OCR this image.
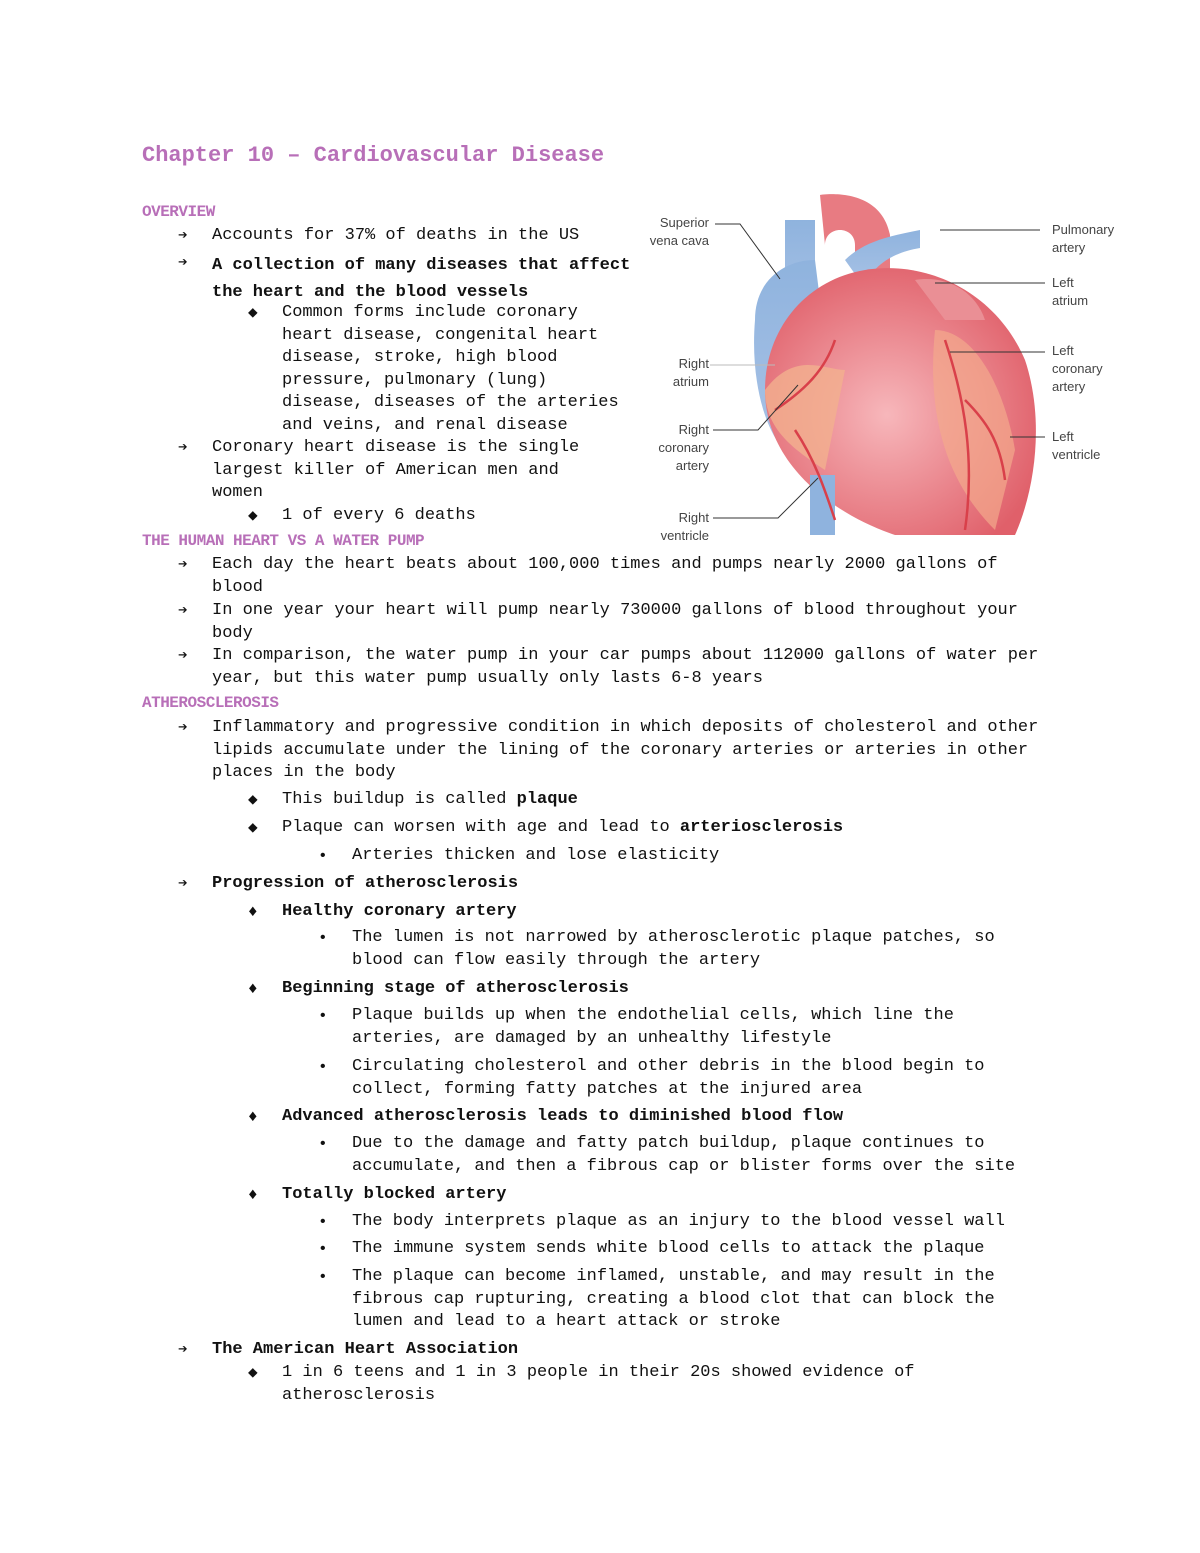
Chapter 10 – Cardiovascular Disease
OVERVIEW
➔ Accounts for 37% of deaths in the US
➔ A collection of many diseases that affect the heart and the blood vessels
◆ Common forms include coronary heart disease, congenital heart disease, stroke, high blood pressure, pulmonary (lung) disease, diseases of the arteries and veins, and renal disease
➔ Coronary heart disease is the single largest killer of American men and women
◆ 1 of every 6 deaths
Superior vena cava
Right atrium
Right coronary artery
Right ventricle
Pulmonary artery
Left atrium
Left coronary artery
Left ventricle
THE HUMAN HEART VS A WATER PUMP
➔ Each day the heart beats about 100,000 times and pumps nearly 2000 gallons of blood
➔ In one year your heart will pump nearly 730000 gallons of blood throughout your body
➔ In comparison, the water pump in your car pumps about 112000 gallons of water per year, but this water pump usually only lasts 6-8 years
ATHEROSCLEROSIS
➔ Inflammatory and progressive condition in which deposits of cholesterol and other lipids accumulate under the lining of the coronary arteries or arteries in other places in the body
◆ This buildup is called plaque
◆ Plaque can worsen with age and lead to arteriosclerosis
• Arteries thicken and lose elasticity
➔ Progression of atherosclerosis
♦ Healthy coronary artery
• The lumen is not narrowed by atherosclerotic plaque patches, so blood can flow easily through the artery
♦ Beginning stage of atherosclerosis
• Plaque builds up when the endothelial cells, which line the arteries, are damaged by an unhealthy lifestyle
• Circulating cholesterol and other debris in the blood begin to collect, forming fatty patches at the injured area
♦ Advanced atherosclerosis leads to diminished blood flow
• Due to the damage and fatty patch buildup, plaque continues to accumulate, and then a fibrous cap or blister forms over the site
♦ Totally blocked artery
• The body interprets plaque as an injury to the blood vessel wall
• The immune system sends white blood cells to attack the plaque
• The plaque can become inflamed, unstable, and may result in the fibrous cap rupturing, creating a blood clot that can block the lumen and lead to a heart attack or stroke
➔ The American Heart Association
◆ 1 in 6 teens and 1 in 3 people in their 20s showed evidence of atherosclerosis
